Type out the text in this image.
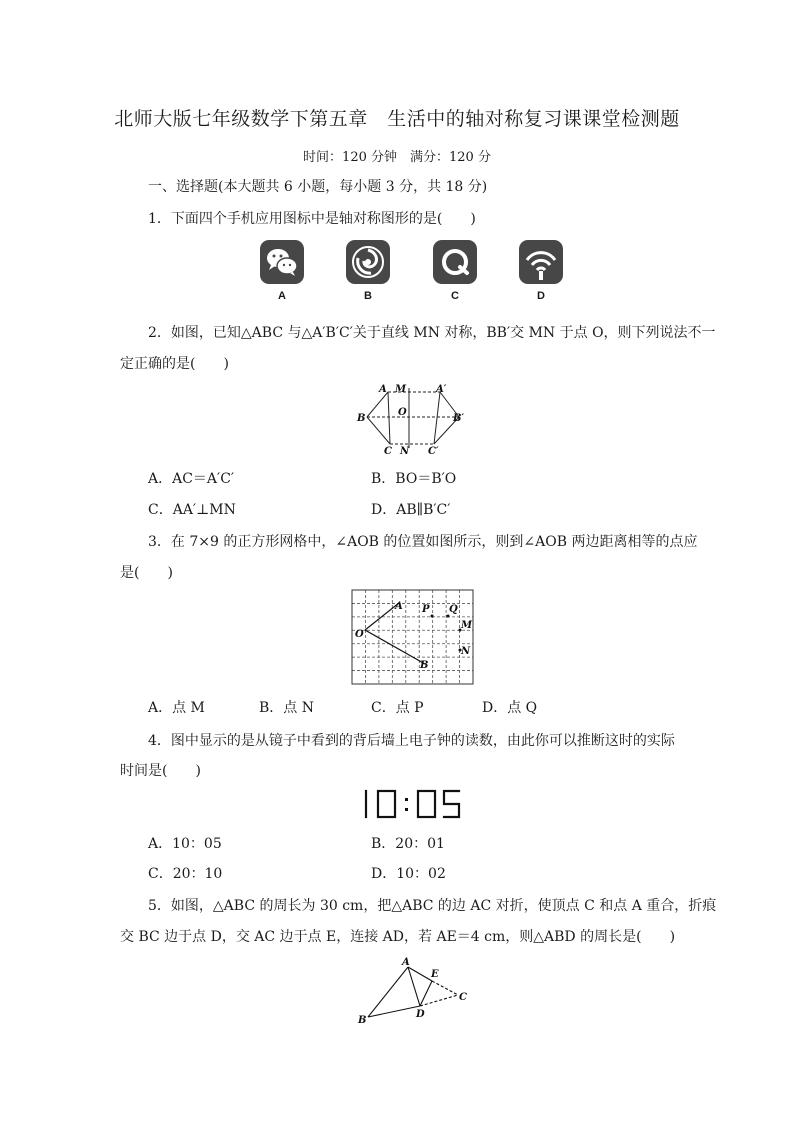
北师大版七年级数学下第五章　生活中的轴对称复习课课堂检测题
时间：120 分钟　满分：120 分
一、选择题(本大题共 6 小题，每小题 3 分，共 18 分)
1．下面四个手机应用图标中是轴对称图形的是(　　)
A	B	C	D
2．如图，已知△ABC 与△A′B′C′关于直线 MN 对称，BB′交 MN 于点 O，则下列说法不一
定正确的是(　　)
A M	A′
B
O
B′
C N C′
A．AC＝A′C′	B．BO＝B′O
C．AA′⊥MN	D．AB∥B′C′
3．在 7×9 的正方形网格中，∠AOB 的位置如图所示，则到∠AOB 两边距离相等的点应
是(　　)
A P Q
O
M
N
B
A．点 M	B．点 N	C．点 P	D．点 Q
4．图中显示的是从镜子中看到的背后墙上电子钟的读数，由此你可以推断这时的实际
时间是(　　)
10:05
A．10：05	B．20：01
C．20：10	D．10：02
5．如图，△ABC 的周长为 30 cm，把△ABC 的边 AC 对折，使顶点 C 和点 A 重合，折痕
交 BC 边于点 D，交 AC 边于点 E，连接 AD，若 AE＝4 cm，则△ABD 的周长是(　　)
A
E
C
B
D
